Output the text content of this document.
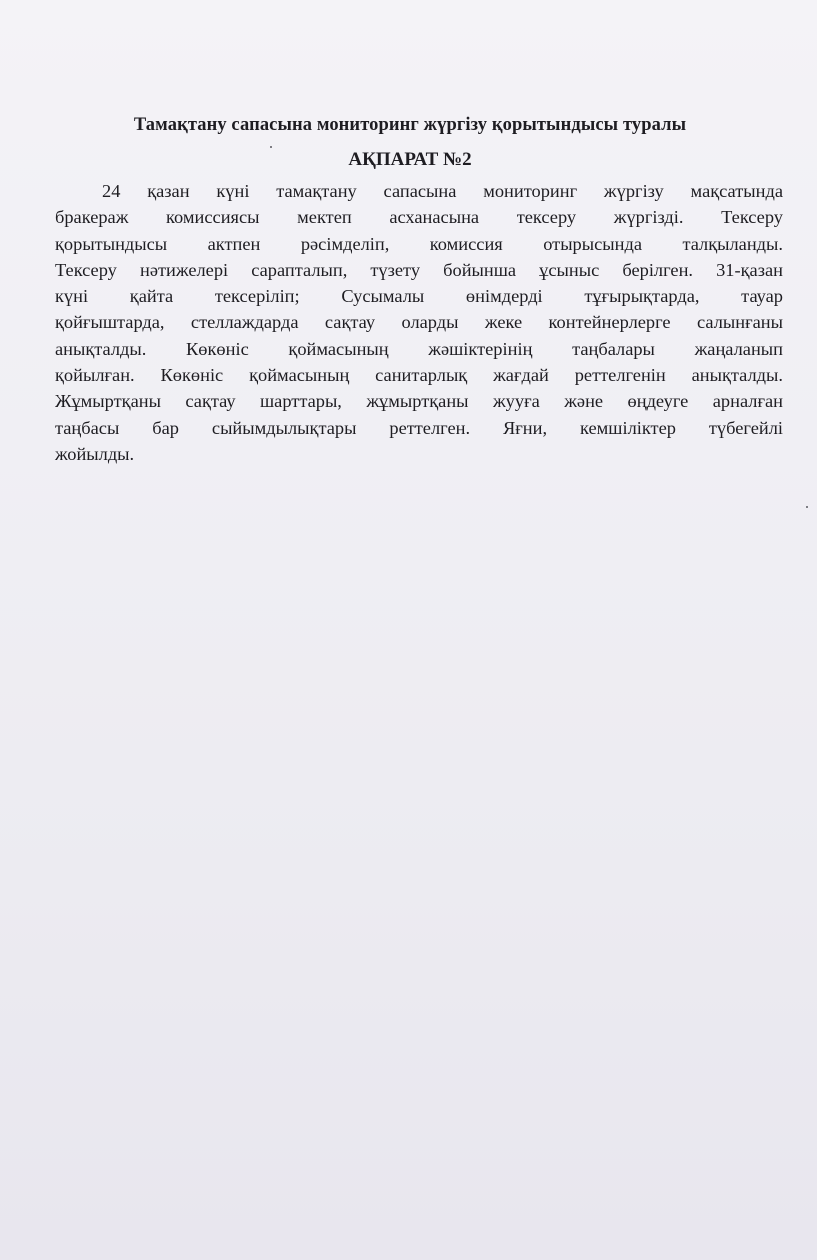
Тамақтану сапасына мониторинг жүргізу қорытындысы туралы
АҚПАРАТ №2
24 қазан күні тамақтану сапасына мониторинг жүргізу мақсатында
бракераж комиссиясы мектеп асханасына тексеру жүргізді. Тексеру
қорытындысы актпен рәсімделіп, комиссия отырысында талқыланды.
Тексеру нәтижелері сарапталып, түзету бойынша ұсыныс берілген. 31-қазан
күні қайта тексеріліп; Сусымалы өнімдерді тұғырықтарда, тауар
қойғыштарда, стеллаждарда сақтау оларды жеке контейнерлерге салынғаны
анықталды. Көкөніс қоймасының жәшіктерінің таңбалары жаңаланып
қойылған. Көкөніс қоймасының санитарлық жағдай реттелгенін анықталды.
Жұмыртқаны сақтау шарттары, жұмыртқаны жууға және өңдеуге арналған
таңбасы бар сыйымдылықтары реттелген. Яғни, кемшіліктер түбегейлі
жойылды.
